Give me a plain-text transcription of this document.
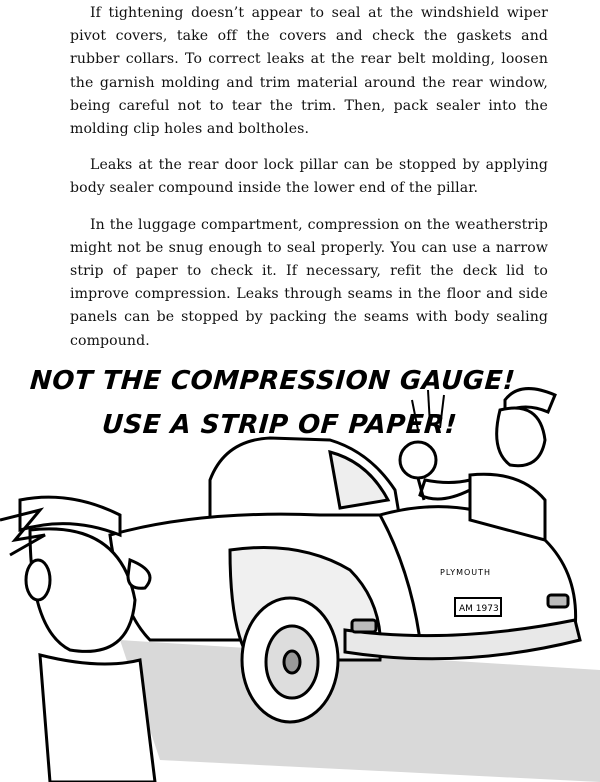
If tightening doesn’t appear to seal at the windshield wiper pivot covers, take off the covers and check the gaskets and rubber collars. To correct leaks at the rear belt molding, loosen the garnish molding and trim material around the rear window, being careful not to tear the trim. Then, pack sealer into the molding clip holes and boltholes.

Leaks at the rear door lock pillar can be stopped by applying body sealer compound inside the lower end of the pillar.

In the luggage compartment, compression on the weatherstrip might not be snug enough to seal properly. You can use a narrow strip of paper to check it. If necessary, refit the deck lid to improve compression. Leaks through seams in the floor and side panels can be stopped by packing the seams with body sealing compound.

PLYMOUTH
AM 1973
NOT THE COMPRESSION GAUGE!
USE A STRIP OF PAPER!
